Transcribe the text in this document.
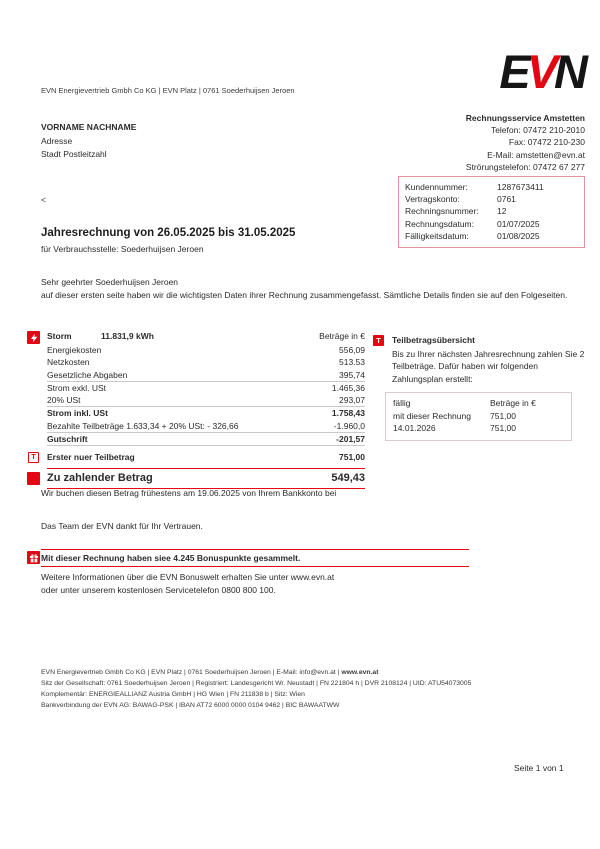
EVN Energievertrieb Gmbh Co KG | EVN Platz | 0761 Soederhuijsen Jeroen
VORNAME NACHNAME
Adresse
Stadt Postleitzahl
EVN
Rechnungsservice Amstetten
Telefon: 07472 210-2010
Fax: 07472 210-230
E-Mail: amstetten@evn.at
Strörungstelefon: 07472 67 277
Kundennummer:	1287673411
Vertragskonto:	0761
Rechningsnummer:	12
Rechnungsdatum:	01/07/2025
Fälligkeitsdatum:	01/08/2025
<
Jahresrechnung von 26.05.2025 bis 31.05.2025
für Verbrauchsstelle: Soederhuijsen Jeroen
Sehr geehrter Soederhuijsen Jeroen
auf dieser ersten seite haben wir die wichtigsten Daten ihrer Rechnung zusammengefasst. Sämtliche Details finden sie auf den Folgeseiten.
Storm	11.831,9 kWh	Beträge in €
Energiekosten	556,09
Netzkosten	513.53
Gesetzliche Abgaben	395,74
Strom exkl. USt	1.465,36
20% USt	293,07
Strom inkl. USt	1.758,43
Bezahlte Teilbeträge 1.633,34 + 20% USt: - 326,66	-1.960,0
Gutschrift	-201,57
T	Erster nuer Teilbetrag	751,00
Zu zahlender Betrag	549,43
T	Teilbetragsübersicht
Bis zu Ihrer nächsten Jahresrechnung zahlen Sie 2 Teilbeträge. Dafür haben wir folgenden Zahlungsplan erstellt:
fällig	Beträge in €
mit dieser Rechnung	751,00
14.01.2026	751,00
Wir buchen diesen Betrag frühestens am 19.06.2025 von Ihrem Bankkonto bei
Das Team der EVN dankt für Ihr Vertrauen.
Mit dieser Rechnung haben siee 4.245 Bonuspunkte gesammelt.
Weitere Informationen über die EVN Bonuswelt erhalten Sie unter www.evn.at
oder unter unserem kostenlosen Servicetelefon 0800 800 100.
EVN Energievertrieb Gmbh Co KG | EVN Platz | 0761 Soederhuijsen Jeroen | E-Mail: info@evn.at | www.evn.at
Sitz der Gesellschaft: 0761 Soederhuijsen Jeroen | Registriert: Landesgericht Wr. Neustadt | FN 221804 h | DVR 2108124 | UID: ATU54073005
Komplementär: ENERGIEALLIANZ Austria GmbH | HG Wien | FN 211838 b | Sitz: Wien
Bankverbindung der EVN AG: BAWAG-PSK | IBAN AT72 6000 0000 0104 9462 | BIC BAWAATWW
Seite 1 von 1
